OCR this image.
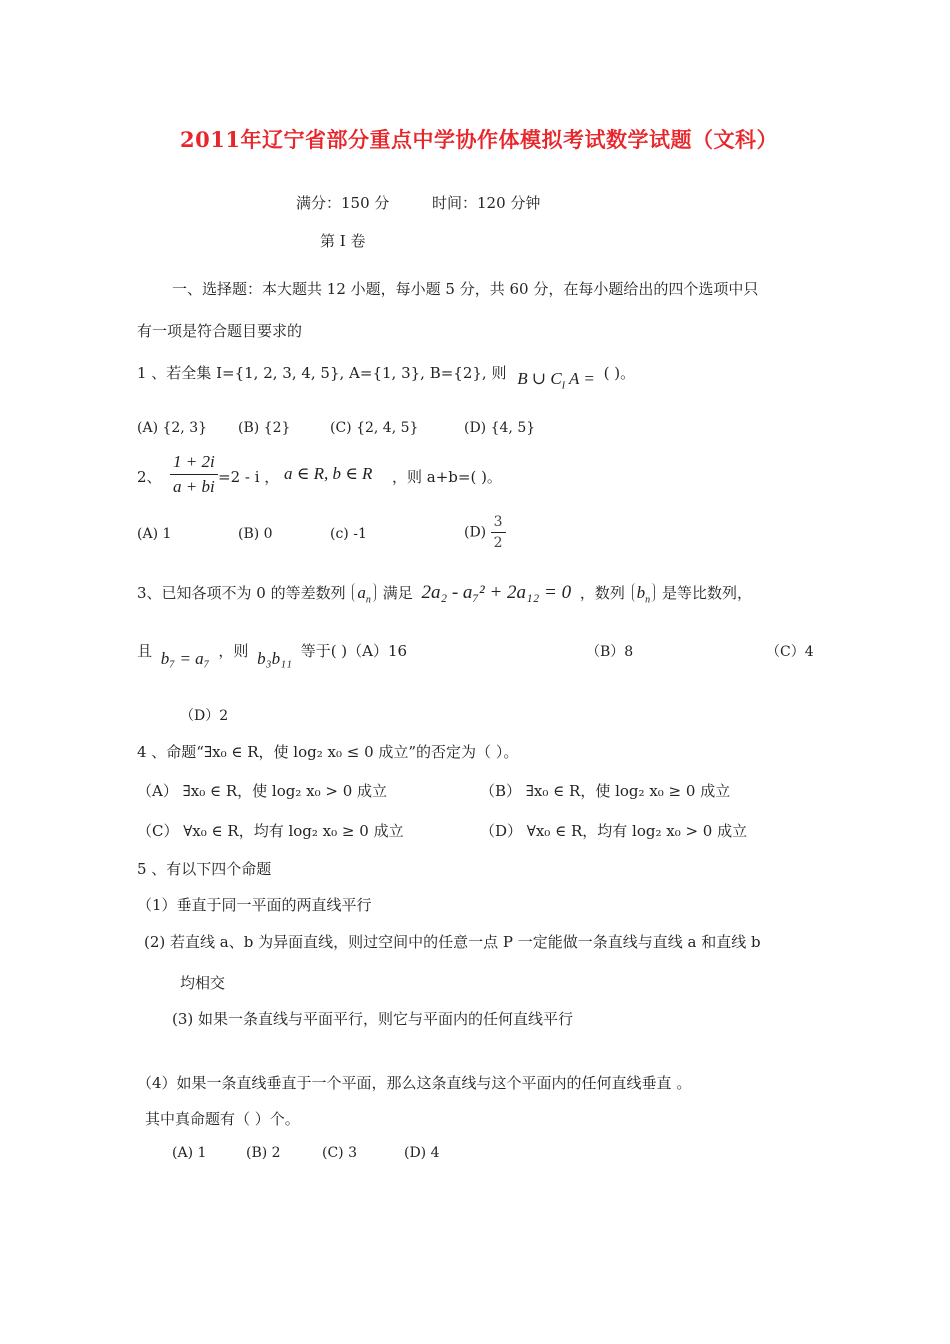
2011年辽宁省部分重点中学协作体模拟考试数学试题（文科）
满分：150 分	时间：120 分钟
第 I 卷
一、选择题：本大题共 12 小题，每小题 5 分，共 60 分，在每小题给出的四个选项中只
有一项是符合题目要求的
1 、若全集 I={1, 2, 3, 4, 5}, A={1, 3}, B={2}, 则 B ∪ $C_I$ A = ( )。
(A) {2, 3} (B) {2}	(C) {2, 4, 5}	(D) {4, 5}
2、 $\frac{1 + 2i}{a + bi} =2 - i$ ， a ∈ R, b ∈ R ，则 a+b=( )。
(A) 1	(B) 0	(c) -1	$(D) \frac{3}{2}$
3、已知各项不为 0 的等差数列 $a_n$ 满足 2a₂ - a₇² + 2a₁₂ = 0 ，数列 $b_n$ 是等比数列，
且 b₇ = a₇ ，则 b₃b₁₁ 等于( )（A）16	（B）8	（C）4
（D）2
4 、命题“∃x₀ ∈ R，使 log₂ x₀ ≤ 0 成立”的否定为（ ）。
（A） ∃x₀ ∈ R，使 log₂ x₀ > 0 成立	（B） ∃x₀ ∈ R，使 log₂ x₀ ≥ 0 成立
（C） ∀x₀ ∈ R，均有 log₂ x₀ ≥ 0 成立	（D） ∀x₀ ∈ R，均有 log₂ x₀ > 0 成立
5 、有以下四个命题
（1）垂直于同一平面的两直线平行
(2) 若直线 a、b 为异面直线，则过空间中的任意一点 P 一定能做一条直线与直线 a 和直线 b
均相交
(3) 如果一条直线与平面平行，则它与平面内的任何直线平行
（4）如果一条直线垂直于一个平面，那么这条直线与这个平面内的任何直线垂直 。
其中真命题有（ ）个。
(A) 1	(B) 2	(C) 3	(D) 4
